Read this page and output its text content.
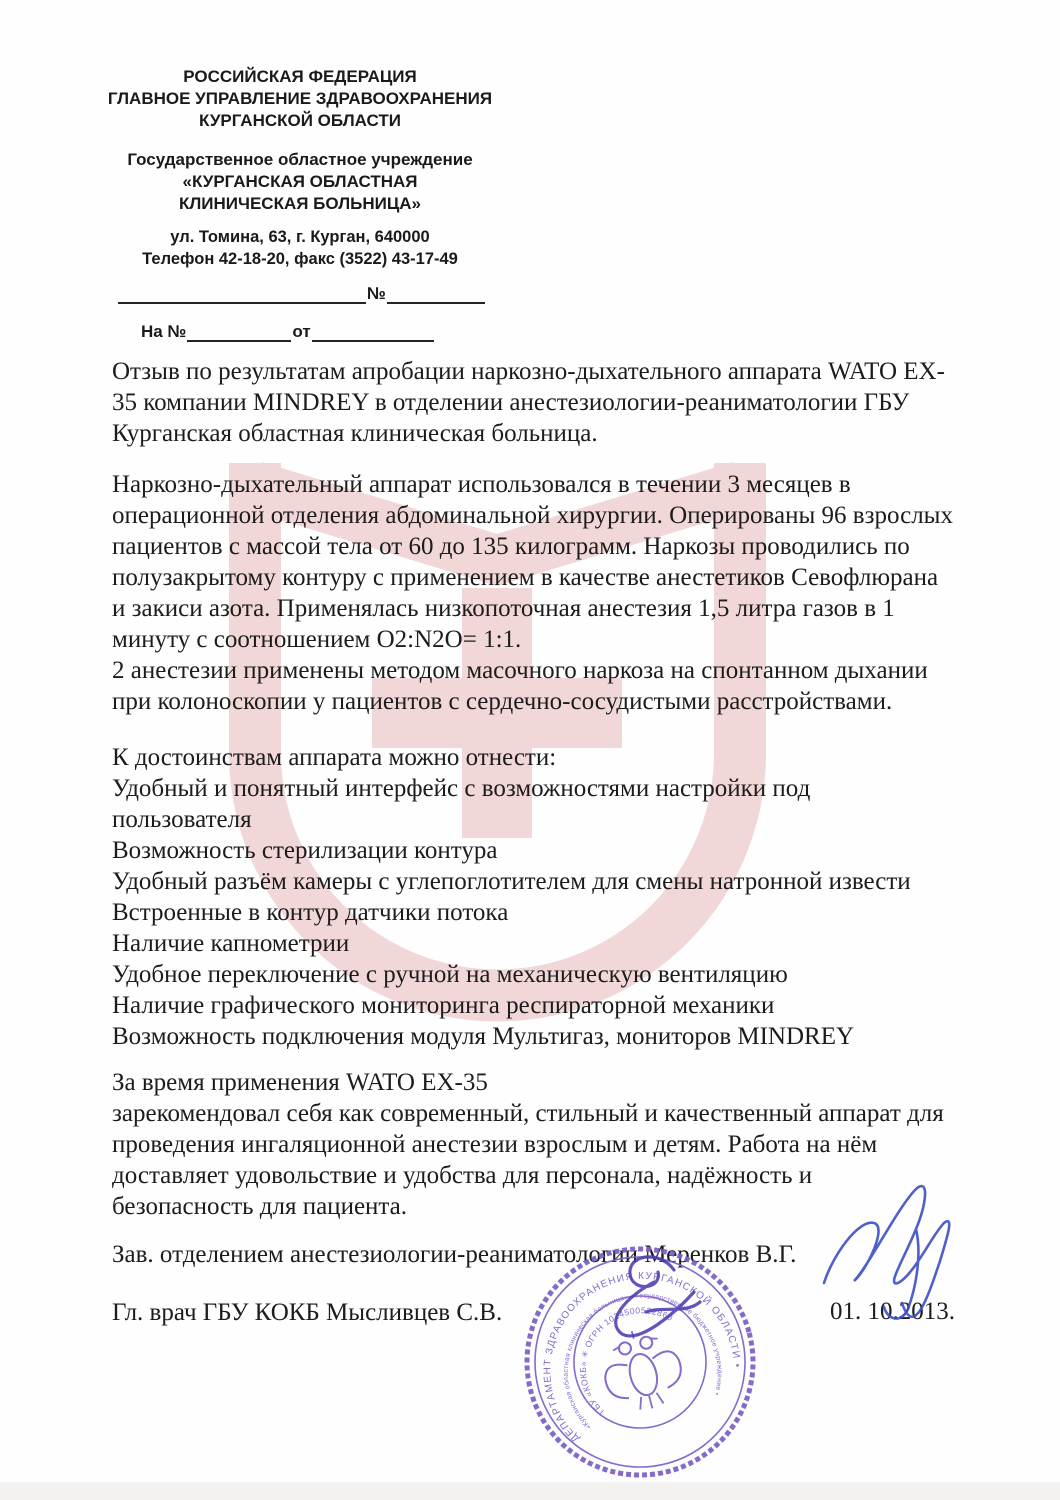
РОССИЙСКАЯ ФЕДЕРАЦИЯ
ГЛАВНОЕ УПРАВЛЕНИЕ ЗДРАВООХРАНЕНИЯ
КУРГАНСКОЙ ОБЛАСТИ
Государственное областное учреждение
«КУРГАНСКАЯ ОБЛАСТНАЯ
КЛИНИЧЕСКАЯ БОЛЬНИЦА»
ул. Томина, 63, г. Курган, 640000
Телефон 42-18-20, факс (3522) 43-17-49
№
На №	от

Отзыв по результатам апробации наркозно-дыхательного аппарата WATO EX-35 компании MINDREY в отделении анестезиологии-реаниматологии ГБУ Курганская областная клиническая больница.

Наркозно-дыхательный аппарат использовался в течении 3 месяцев в операционной отделения абдоминальной хирургии. Оперированы 96 взрослых пациентов с массой тела от 60 до 135 килограмм. Наркозы проводились по полузакрытому контуру с применением в качестве анестетиков Севофлюрана и закиси азота. Применялась низкопоточная анестезия 1,5 литра газов в 1 минуту с соотношением O2:N2O= 1:1.

2 анестезии применены методом масочного наркоза на спонтанном дыхании при колоноскопии у пациентов с сердечно-сосудистыми расстройствами.

К достоинствам аппарата можно отнести:

Удобный и понятный интерфейс с возможностями настройки под
пользователя
Возможность стерилизации контура
Удобный разъём камеры с углепоглотителем для смены натронной извести
Встроенные в контур датчики потока
Наличие капнометрии
Удобное переключение с ручной на механическую вентиляцию
Наличие графического мониторинга респираторной механики
Возможность подключения модуля Мультигаз, мониторов MINDREY

За время применения WATO EX-35

зарекомендовал себя как современный, стильный и качественный аппарат для проведения ингаляционной анестезии взрослым и детям. Работа на нём доставляет удовольствие и удобства для персонала, надёжность и безопасность для пациента.

Зав. отделением анестезиологии-реаниматологии Меренков В.Г.
Гл. врач ГБУ КОКБ Мысливцев С.В.	01. 10.2013.
ДЕПАРТАМЕНТ ЗДРАВООХРАНЕНИЯ КУРГАНСКОЙ ОБЛАСТИ •
«Курганская областная клиническая больница» • Государственное бюджетное учреждение •
ГБУ «КОКБ» ✳ ОГРН 1024500522860
